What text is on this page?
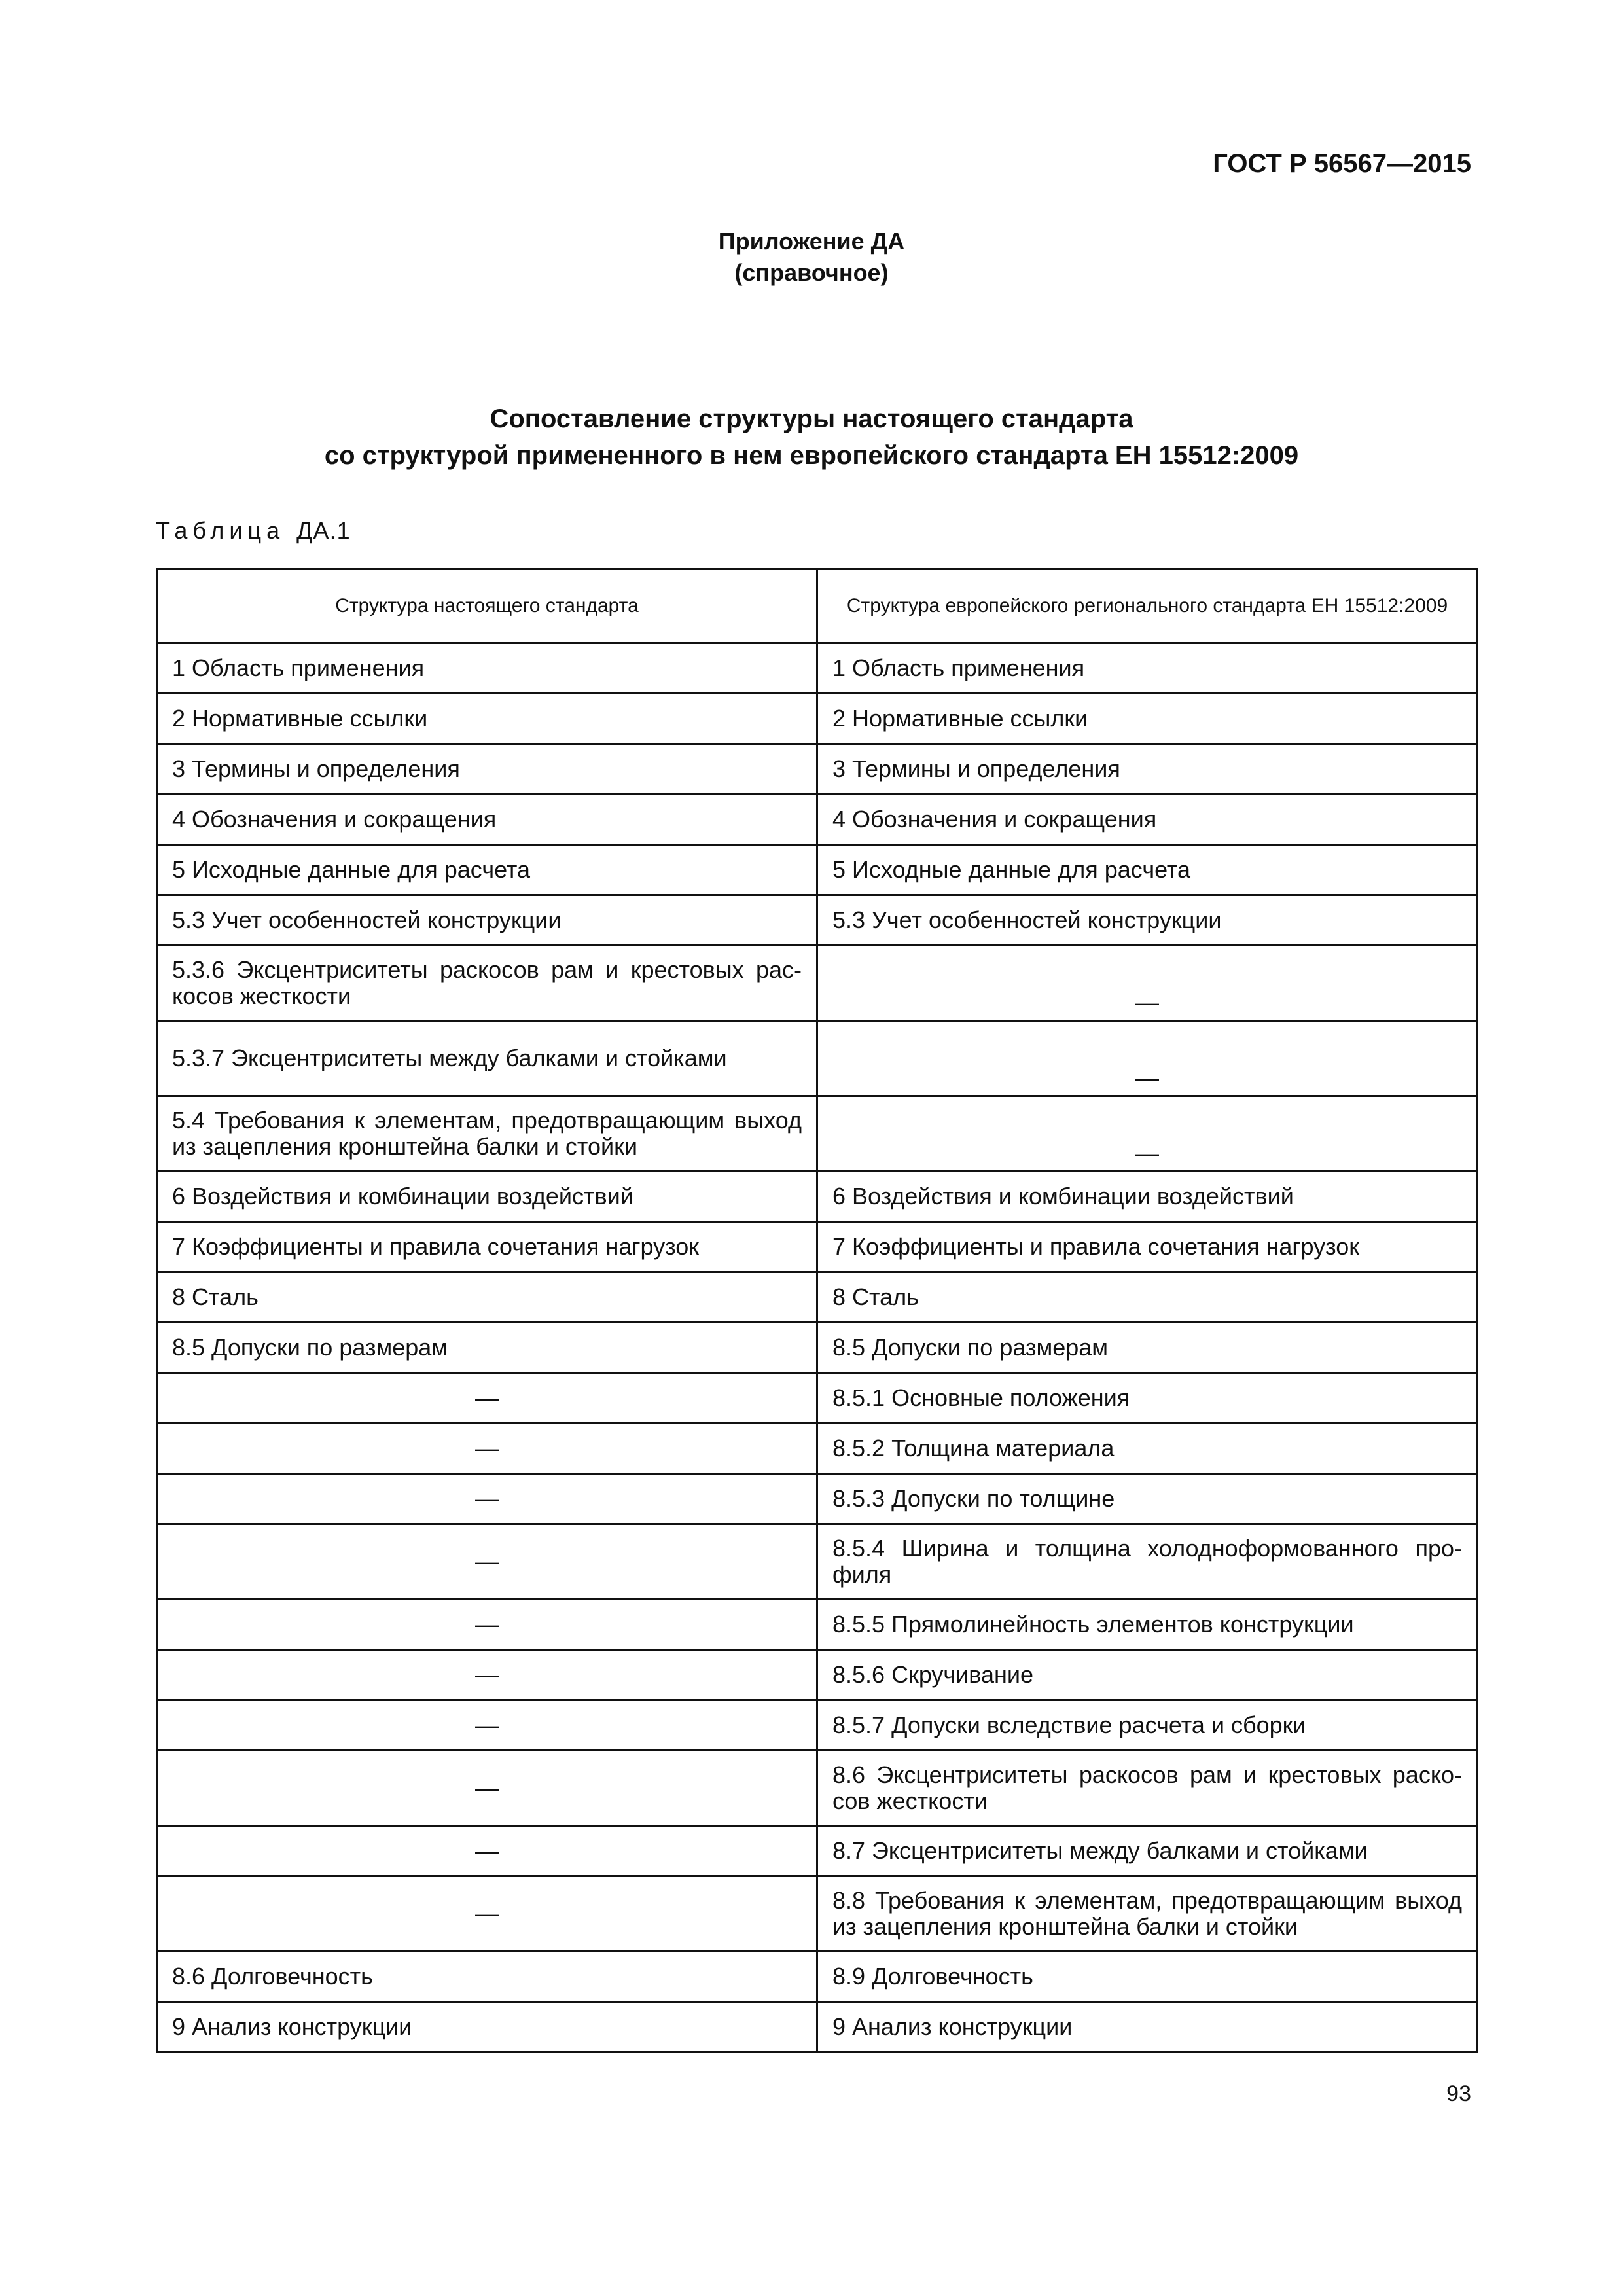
ГОСТ Р 56567—2015
Приложение ДА
(справочное)
Сопоставление структуры настоящего стандарта
со структурой примененного в нем европейского стандарта ЕН 15512:2009
Таблица ДА.1
Структура настоящего стандарта	Структура европейского регионального стандарта ЕН 15512:2009
1 Область применения	1 Область применения
2 Нормативные ссылки	2 Нормативные ссылки
3 Термины и определения	3 Термины и определения
4 Обозначения и сокращения	4 Обозначения и сокращения
5 Исходные данные для расчета	5 Исходные данные для расчета
5.3 Учет особенностей конструкции	5.3 Учет особенностей конструкции
5.3.6 Эксцентриситеты раскосов рам и крестовых раскосов жесткости	—
5.3.7 Эксцентриситеты между балками и стойками	—
5.4 Требования к элементам, предотвращающим выход из зацепления кронштейна балки и стойки	—
6 Воздействия и комбинации воздействий	6 Воздействия и комбинации воздействий
7 Коэффициенты и правила сочетания нагрузок	7 Коэффициенты и правила сочетания нагрузок
8 Сталь	8 Сталь
8.5 Допуски по размерам	8.5 Допуски по размерам
—	8.5.1 Основные положения
—	8.5.2 Толщина материала
—	8.5.3 Допуски по толщине
—	8.5.4 Ширина и толщина холоднoформованного профиля
—	8.5.5 Прямолинейность элементов конструкции
—	8.5.6 Скручивание
—	8.5.7 Допуски вследствие расчета и сборки
—	8.6 Эксцентриситеты раскосов рам и крестовых раскосов жесткости
—	8.7 Эксцентриситеты между балками и стойками
—	8.8 Требования к элементам, предотвращающим выход из зацепления кронштейна балки и стойки
8.6 Долговечность	8.9 Долговечность
9 Анализ конструкции	9 Анализ конструкции
93
